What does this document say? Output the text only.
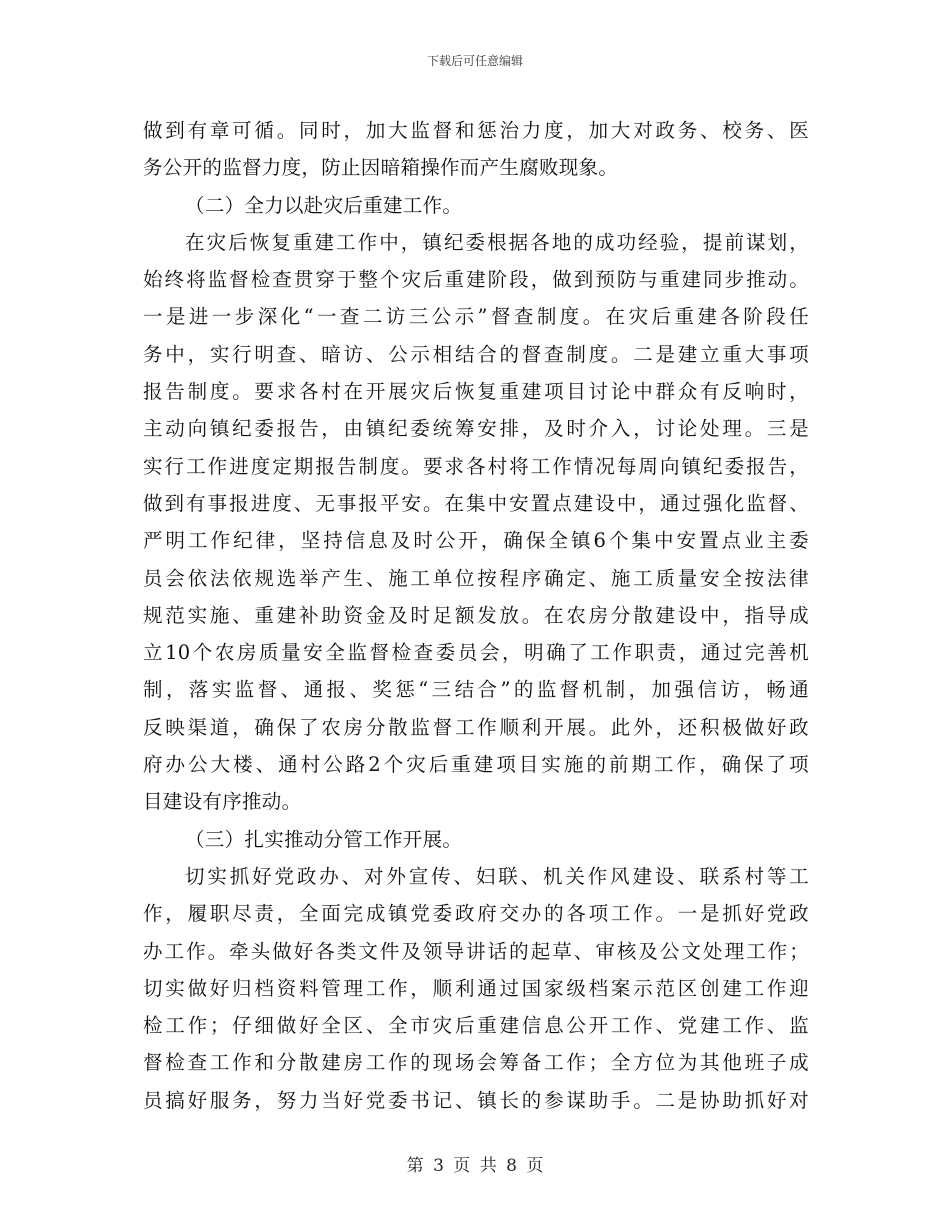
下载后可任意编辑
做到有章可循。同时，加大监督和惩治力度，加大对政务、校务、医
务公开的监督力度，防止因暗箱操作而产生腐败现象。
（二）全力以赴灾后重建工作。
在灾后恢复重建工作中，镇纪委根据各地的成功经验，提前谋划，
始终将监督检查贯穿于整个灾后重建阶段，做到预防与重建同步推动。
一是进一步深化“一查二访三公示”督查制度。在灾后重建各阶段任
务中，实行明查、暗访、公示相结合的督查制度。二是建立重大事项
报告制度。要求各村在开展灾后恢复重建项目讨论中群众有反响时，
主动向镇纪委报告，由镇纪委统筹安排，及时介入，讨论处理。三是
实行工作进度定期报告制度。要求各村将工作情况每周向镇纪委报告，
做到有事报进度、无事报平安。在集中安置点建设中，通过强化监督、
严明工作纪律，坚持信息及时公开，确保全镇6个集中安置点业主委
员会依法依规选举产生、施工单位按程序确定、施工质量安全按法律
规范实施、重建补助资金及时足额发放。在农房分散建设中，指导成
立10个农房质量安全监督检查委员会，明确了工作职责，通过完善机
制，落实监督、通报、奖惩“三结合”的监督机制，加强信访，畅通
反映渠道，确保了农房分散监督工作顺利开展。此外，还积极做好政
府办公大楼、通村公路2个灾后重建项目实施的前期工作，确保了项
目建设有序推动。
（三）扎实推动分管工作开展。
切实抓好党政办、对外宣传、妇联、机关作风建设、联系村等工
作，履职尽责，全面完成镇党委政府交办的各项工作。一是抓好党政
办工作。牵头做好各类文件及领导讲话的起草、审核及公文处理工作；
切实做好归档资料管理工作，顺利通过国家级档案示范区创建工作迎
检工作；仔细做好全区、全市灾后重建信息公开工作、党建工作、监
督检查工作和分散建房工作的现场会筹备工作；全方位为其他班子成
员搞好服务，努力当好党委书记、镇长的参谋助手。二是协助抓好对
第 3 页 共 8 页
